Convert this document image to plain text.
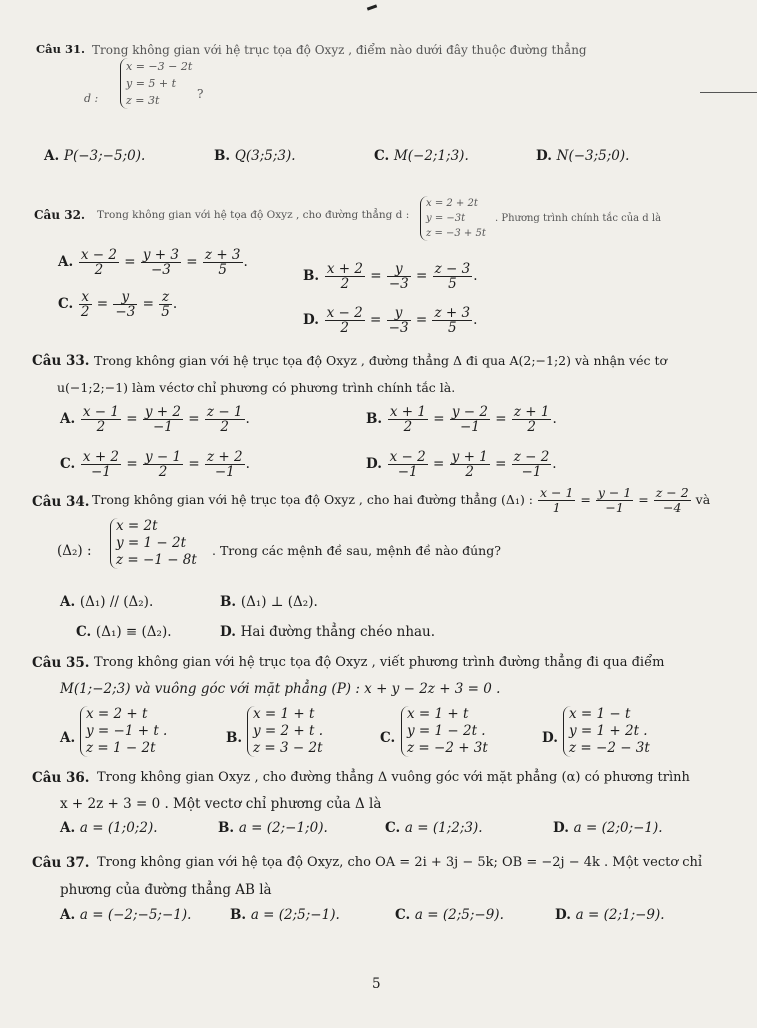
Câu 31. Trong không gian với hệ trục tọa độ Oxyz , điểm nào dưới đây thuộc đường thẳng
d :
x = −3 − 2t
y = 5 + t
z = 3t	?
A. P(−3;−5;0).	B. Q(3;5;3).	C. M(−2;1;3).	D. N(−3;5;0).
Câu 32. Trong không gian với hệ tọa độ Oxyz , cho đường thẳng d :
x = 2 + 2t
y = −3t
z = −3 + 5t
. Phương trình chính tắc của d là
A. $\frac{x - 2}{2} = \frac{y + 3}{-3} = \frac{z + 3}{5}$ .
B. $\frac{x + 2}{2} = \frac{y}{-3} = \frac{z - 3}{5}$ .
C. $\frac{x}{2} = \frac{y}{-3} = \frac{z}{5}$ .
D. $\frac{x - 2}{2} = \frac{y}{-3} = \frac{z + 3}{5}$ .
Câu 33. Trong không gian với hệ trục tọa độ Oxyz , đường thẳng Δ đi qua A(2;−1;2) và nhận véc tơ
u(−1;2;−1) làm véctơ chỉ phương có phương trình chính tắc là.
A. $\frac{x - 1}{2} = \frac{y + 2}{-1} = \frac{z - 1}{2}$ .	B. $\frac{x + 1}{2} = \frac{y - 2}{-1} = \frac{z + 1}{2}$ .
C. $\frac{x + 2}{-1} = \frac{y - 1}{2} = \frac{z + 2}{-1}$ .	D. $\frac{x - 2}{-1} = \frac{y + 1}{2} = \frac{z - 2}{-1}$ .
Câu 34. Trong không gian với hệ trục tọa độ Oxyz , cho hai đường thẳng (Δ₁) : $\frac{x - 1}{1} = \frac{y - 1}{-1} = \frac{z - 2}{-4}$ và
(Δ₂) :
x = 2t
y = 1 − 2t
z = −1 − 8t
. Trong các mệnh đề sau, mệnh đề nào đúng?
A. (Δ₁) // (Δ₂).	B. (Δ₁) ⊥ (Δ₂).
C. (Δ₁) ≡ (Δ₂).	D. Hai đường thẳng chéo nhau.
Câu 35. Trong không gian với hệ trục tọa độ Oxyz , viết phương trình đường thẳng đi qua điểm
M(1;−2;3) và vuông góc với mặt phẳng (P) : x + y − 2z + 3 = 0 .
A.
x = 2 + t
y = −1 + t .
z = 1 − 2t
B.
x = 1 + t
y = 2 + t .
z = 3 − 2t
C.
x = 1 + t
y = 1 − 2t .
z = −2 + 3t
D.
x = 1 − t
y = 1 + 2t .
z = −2 − 3t
Câu 36. Trong không gian Oxyz , cho đường thẳng Δ vuông góc với mặt phẳng (α) có phương trình
x + 2z + 3 = 0 . Một vectơ chỉ phương của Δ là
A. a = (1;0;2).	B. a = (2;−1;0).	C. a = (1;2;3).	D. a = (2;0;−1).
Câu 37. Trong không gian với hệ tọa độ Oxyz, cho OA = 2i + 3j − 5k; OB = −2j − 4k . Một vectơ chỉ
phương của đường thẳng AB là
A. a = (−2;−5;−1).	B. a = (2;5;−1).	C. a = (2;5;−9).	D. a = (2;1;−9).
5
